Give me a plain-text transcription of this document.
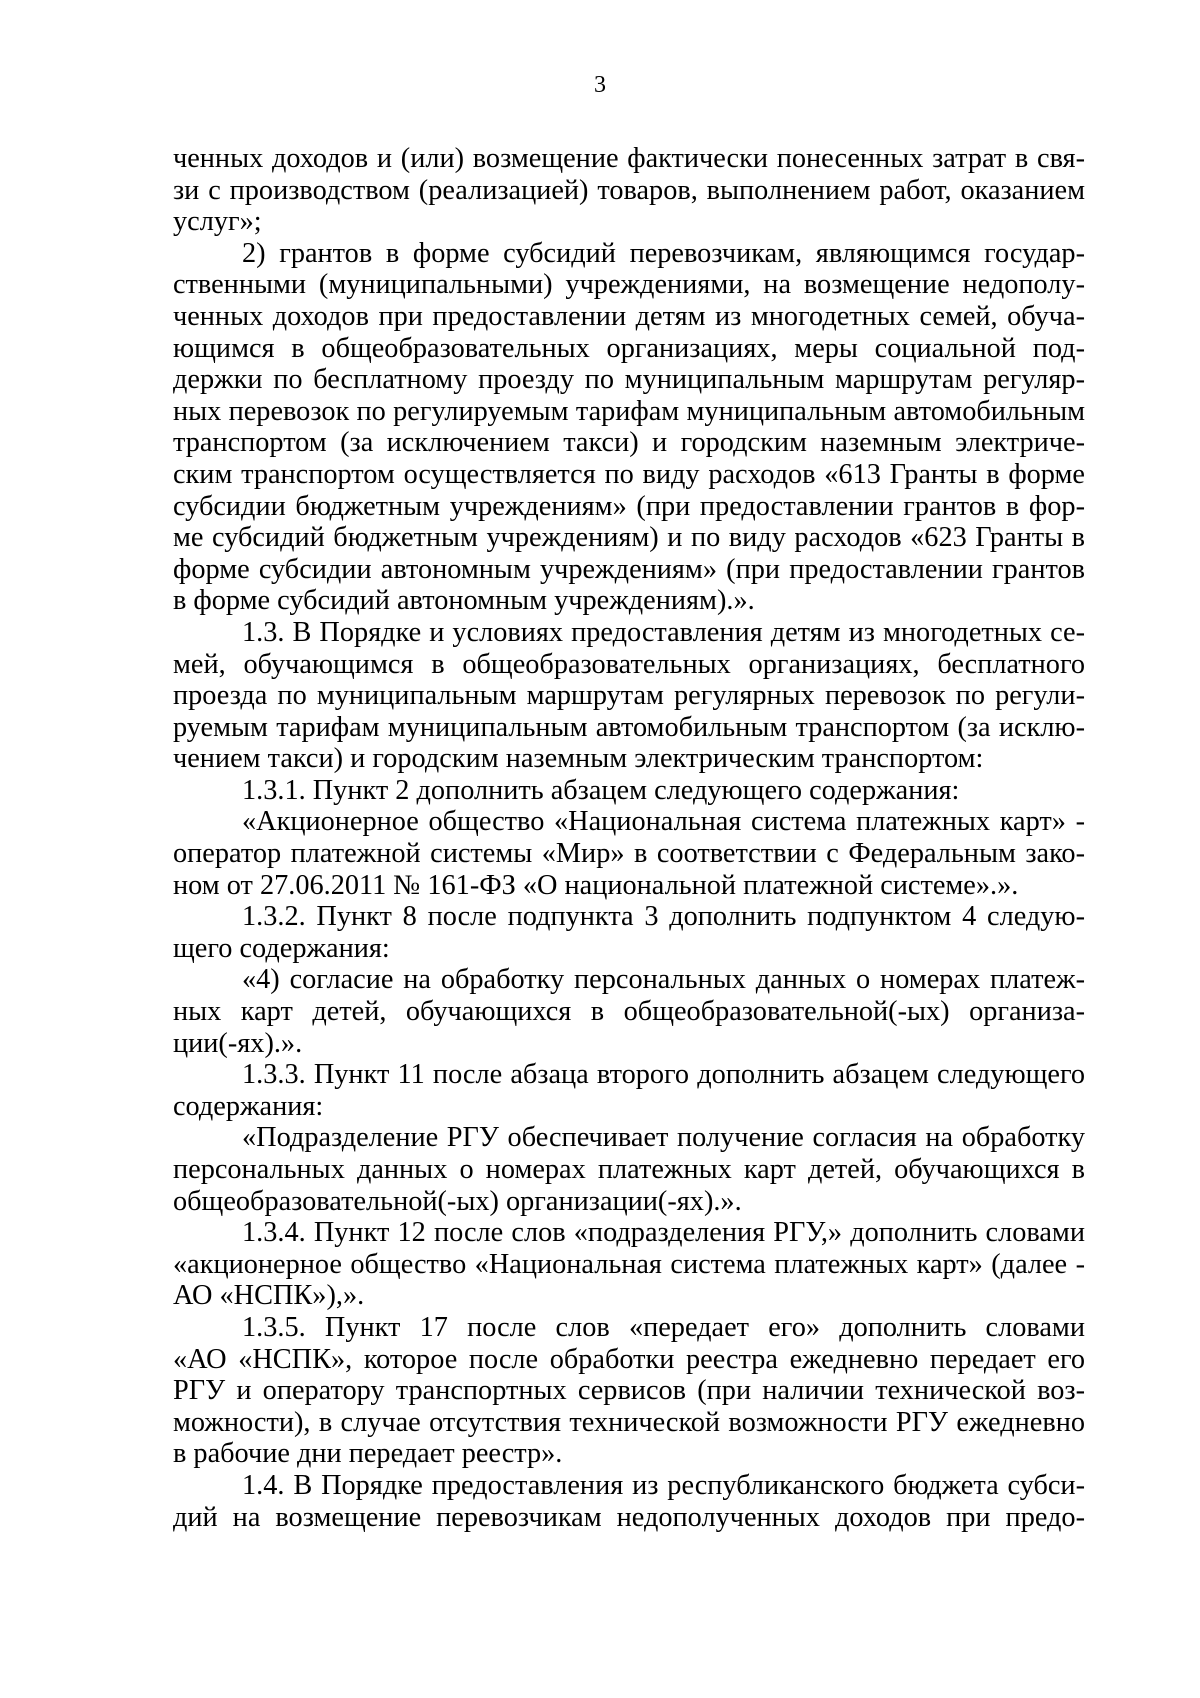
3
ченных доходов и (или) возмещение фактически понесенных затрат в свя-
зи с производством (реализацией) товаров, выполнением работ, оказанием
услуг»;
2) грантов в форме субсидий перевозчикам, являющимся государ-
ственными (муниципальными) учреждениями, на возмещение недополу-
ченных доходов при предоставлении детям из многодетных семей, обуча-
ющимся в общеобразовательных организациях, меры социальной под-
держки по бесплатному проезду по муниципальным маршрутам регуляр-
ных перевозок по регулируемым тарифам муниципальным автомобильным
транспортом (за исключением такси) и городским наземным электриче-
ским транспортом осуществляется по виду расходов «613 Гранты в форме
субсидии бюджетным учреждениям» (при предоставлении грантов в фор-
ме субсидий бюджетным учреждениям) и по виду расходов «623 Гранты в
форме субсидии автономным учреждениям» (при предоставлении грантов
в форме субсидий автономным учреждениям).».
1.3. В Порядке и условиях предоставления детям из многодетных се-
мей, обучающимся в общеобразовательных организациях, бесплатного
проезда по муниципальным маршрутам регулярных перевозок по регули-
руемым тарифам муниципальным автомобильным транспортом (за исклю-
чением такси) и городским наземным электрическим транспортом:
1.3.1. Пункт 2 дополнить абзацем следующего содержания:
«Акционерное общество «Национальная система платежных карт» -
оператор платежной системы «Мир» в соответствии с Федеральным зако-
ном от 27.06.2011 № 161-ФЗ «О национальной платежной системе».».
1.3.2. Пункт 8 после подпункта 3 дополнить подпунктом 4 следую-
щего содержания:
«4) согласие на обработку персональных данных о номерах платеж-
ных карт детей, обучающихся в общеобразовательной(-ых) организа-
ции(-ях).».
1.3.3. Пункт 11 после абзаца второго дополнить абзацем следующего
содержания:
«Подразделение РГУ обеспечивает получение согласия на обработку
персональных данных о номерах платежных карт детей, обучающихся в
общеобразовательной(-ых) организации(-ях).».
1.3.4. Пункт 12 после слов «подразделения РГУ,» дополнить словами
«акционерное общество «Национальная система платежных карт» (далее -
АО «НСПК»),».
1.3.5. Пункт 17 после слов «передает его» дополнить словами
«АО «НСПК», которое после обработки реестра ежедневно передает его
РГУ и оператору транспортных сервисов (при наличии технической воз-
можности), в случае отсутствия технической возможности РГУ ежедневно
в рабочие дни передает реестр».
1.4. В Порядке предоставления из республиканского бюджета субси-
дий на возмещение перевозчикам недополученных доходов при предо-
